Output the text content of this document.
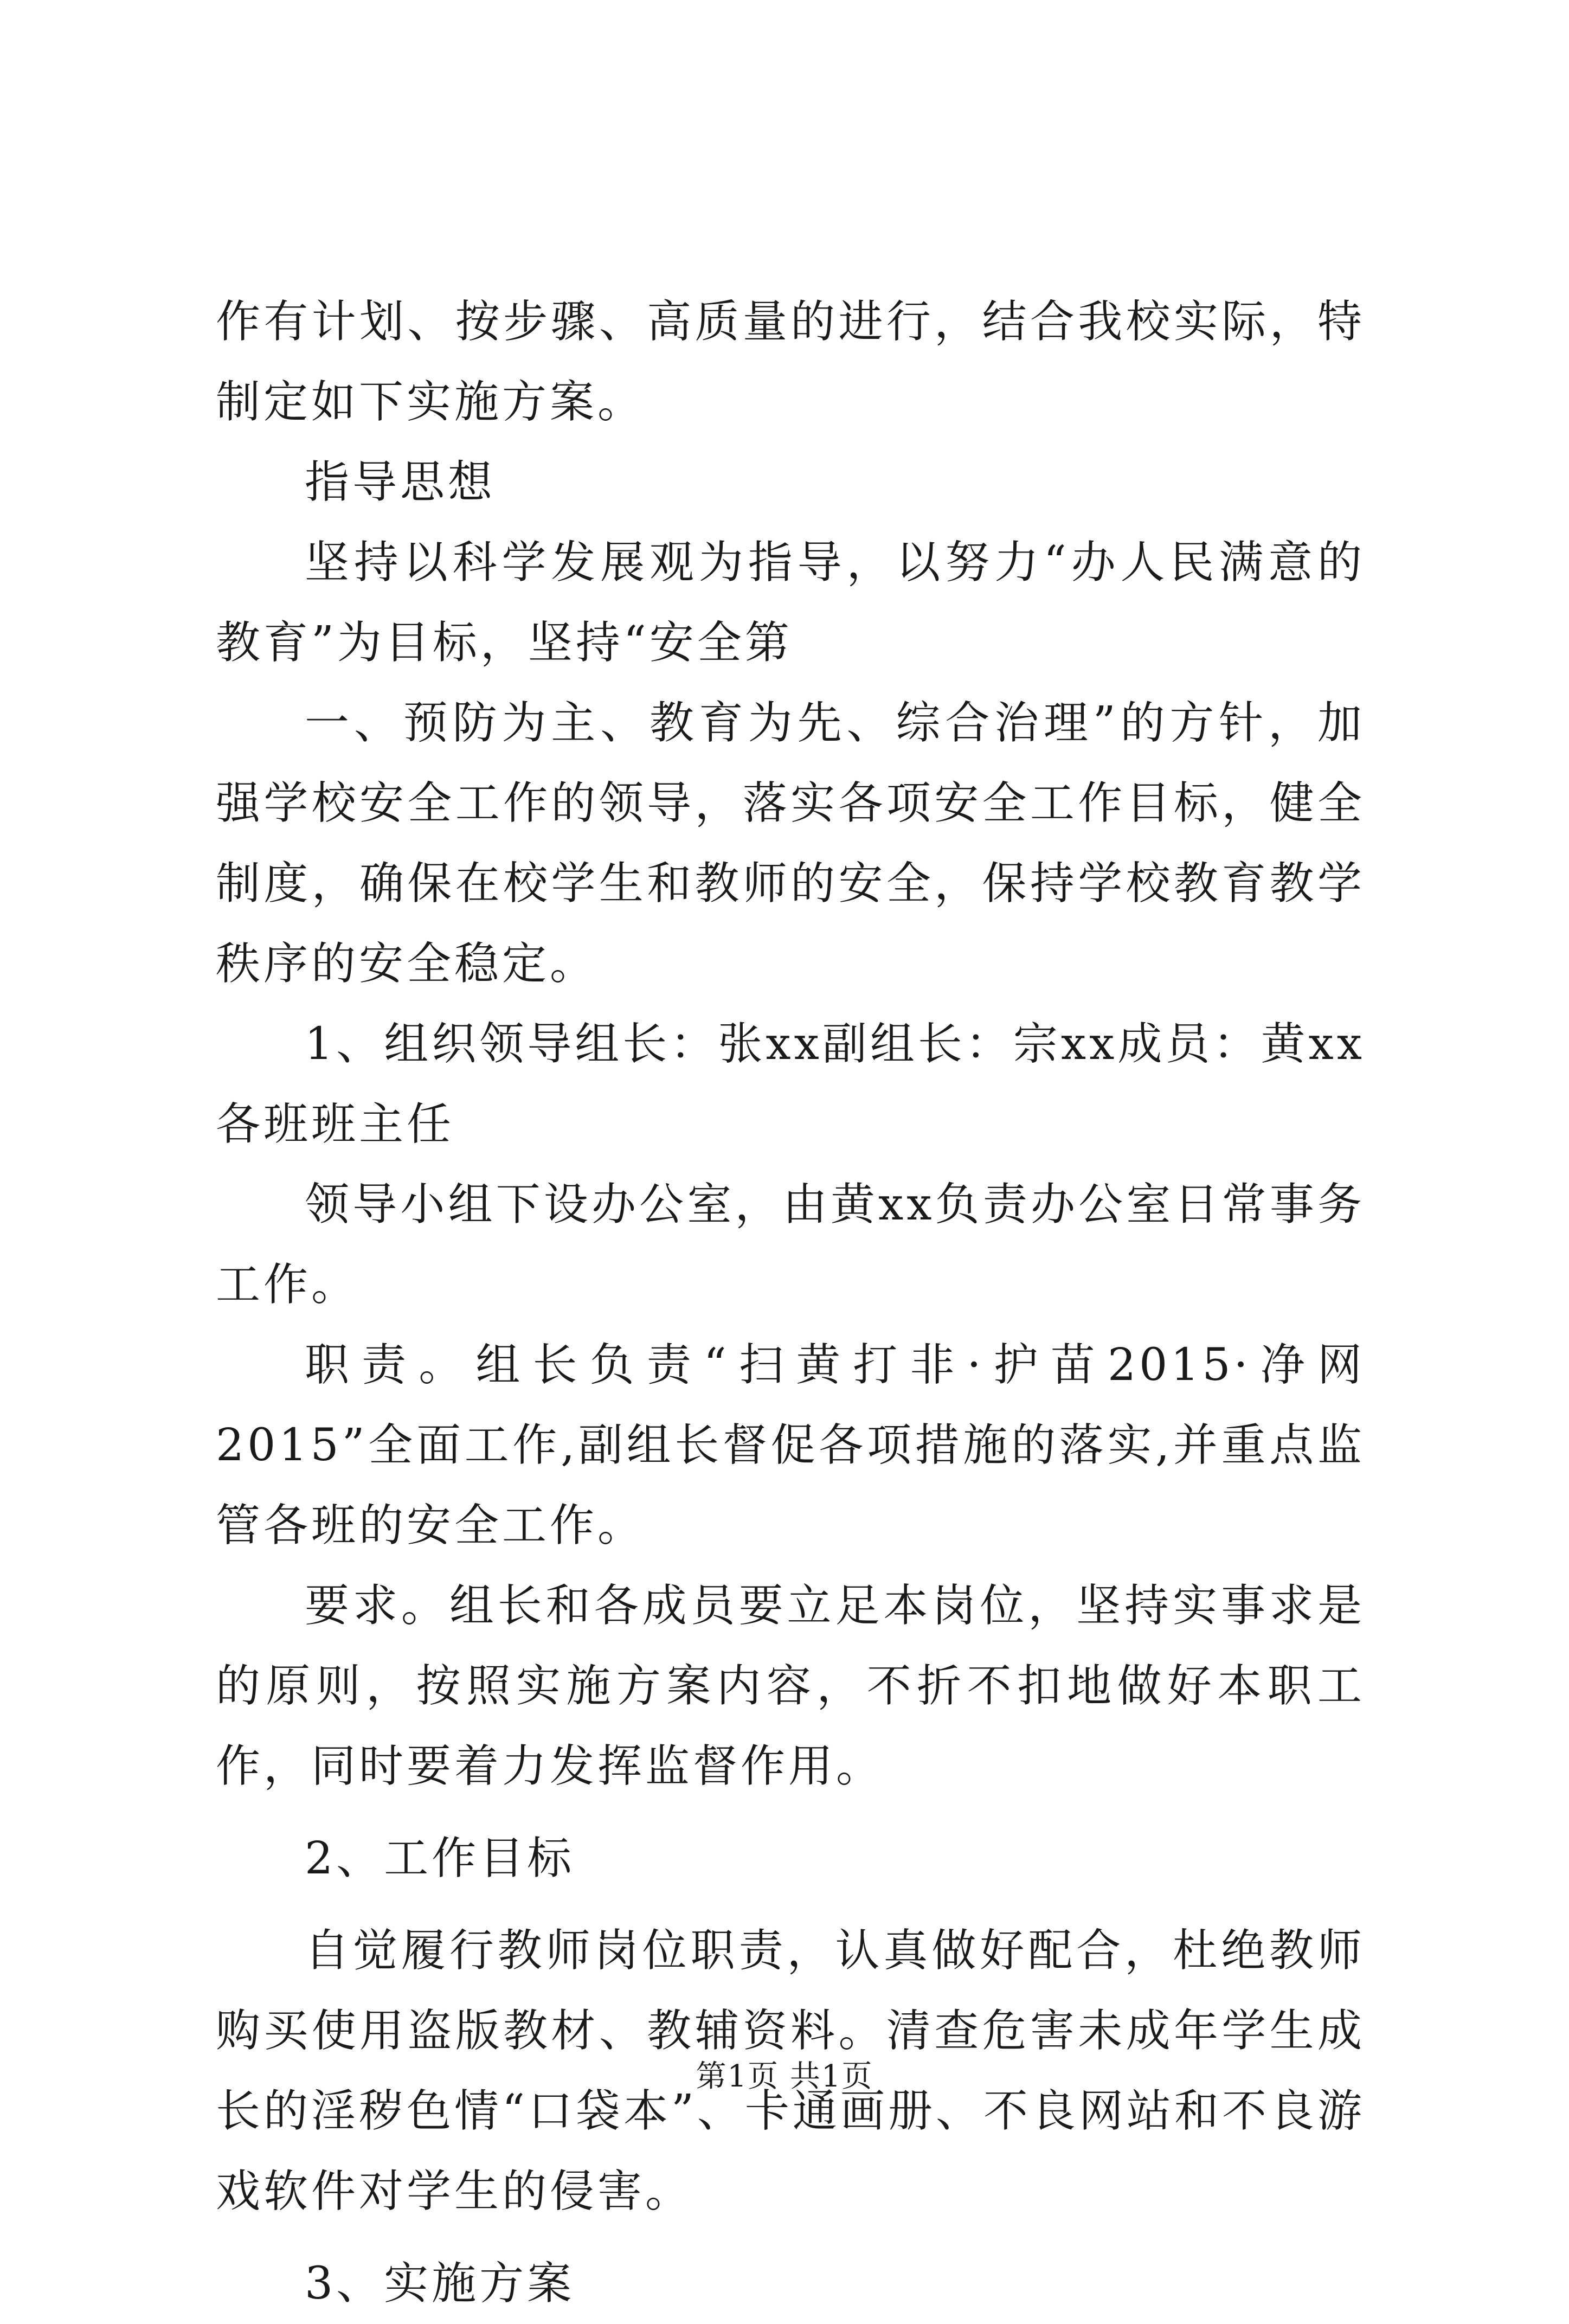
作有计划、按步骤、高质量的进行，结合我校实际，特制定如下实施方案。

指导思想

坚持以科学发展观为指导，以努力“办人民满意的教育”为目标，坚持“安全第

一、预防为主、教育为先、综合治理”的方针，加强学校安全工作的领导，落实各项安全工作目标，健全制度，确保在校学生和教师的安全，保持学校教育教学秩序的安全稳定。

1、组织领导组长：张xx副组长：宗xx成员：黄xx各班班主任

领导小组下设办公室，由黄xx负责办公室日常事务工作。

职责。组长负责“扫黄打非·护苗2015·净网2015”全面工作,副组长督促各项措施的落实,并重点监管各班的安全工作。

要求。组长和各成员要立足本岗位，坚持实事求是的原则，按照实施方案内容，不折不扣地做好本职工作，同时要着力发挥监督作用。

2、工作目标

自觉履行教师岗位职责，认真做好配合，杜绝教师购买使用盗版教材、教辅资料。清查危害未成年学生成长的淫秽色情“口袋本”、卡通画册、不良网站和不良游戏软件对学生的侵害。

3、实施方案

第1页 共1页
